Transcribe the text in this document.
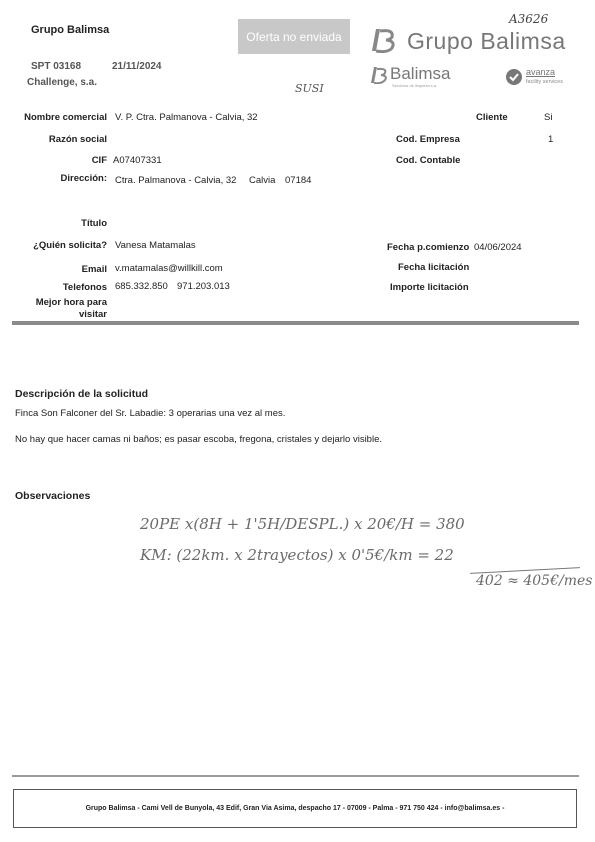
Grupo Balimsa
SPT 03168	21/11/2024
Challenge, s.a.
Oferta no enviada
A3626
SUSI
Grupo Balimsa
Balimsa
Servicios de limpieza s.a.
avanza
facility services
Nombre comercial V. P. Ctra. Palmanova - Calvia, 32
Razón social
CIF A07407331
Dirección: Ctra. Palmanova - Calvia, 32 Calvia 07184
Título
¿Quién solicita? Vanesa Matamalas
Email v.matamalas@willkill.com
Telefonos 685.332.850 971.203.013
Mejor hora para
visitar
Cliente	Si
Cod. Empresa	1
Cod. Contable
Fecha p.comienzo 04/06/2024
Fecha licitación
Importe licitación
Descripción de la solicitud
Finca Son Falconer del Sr. Labadie: 3 operarias una vez al mes.
No hay que hacer camas ni baños; es pasar escoba, fregona, cristales y dejarlo visible.
Observaciones
20PE x(8H + 1'5H/DESPL.) x 20€/H = 380
KM: (22km. x 2trayectos) x 0'5€/km = 22
402 ≈ 405€/mes
Grupo Balimsa - Cami Vell de Bunyola, 43 Edif, Gran Via Asima, despacho 17 - 07009 - Palma - 971 750 424 - info@balimsa.es -
